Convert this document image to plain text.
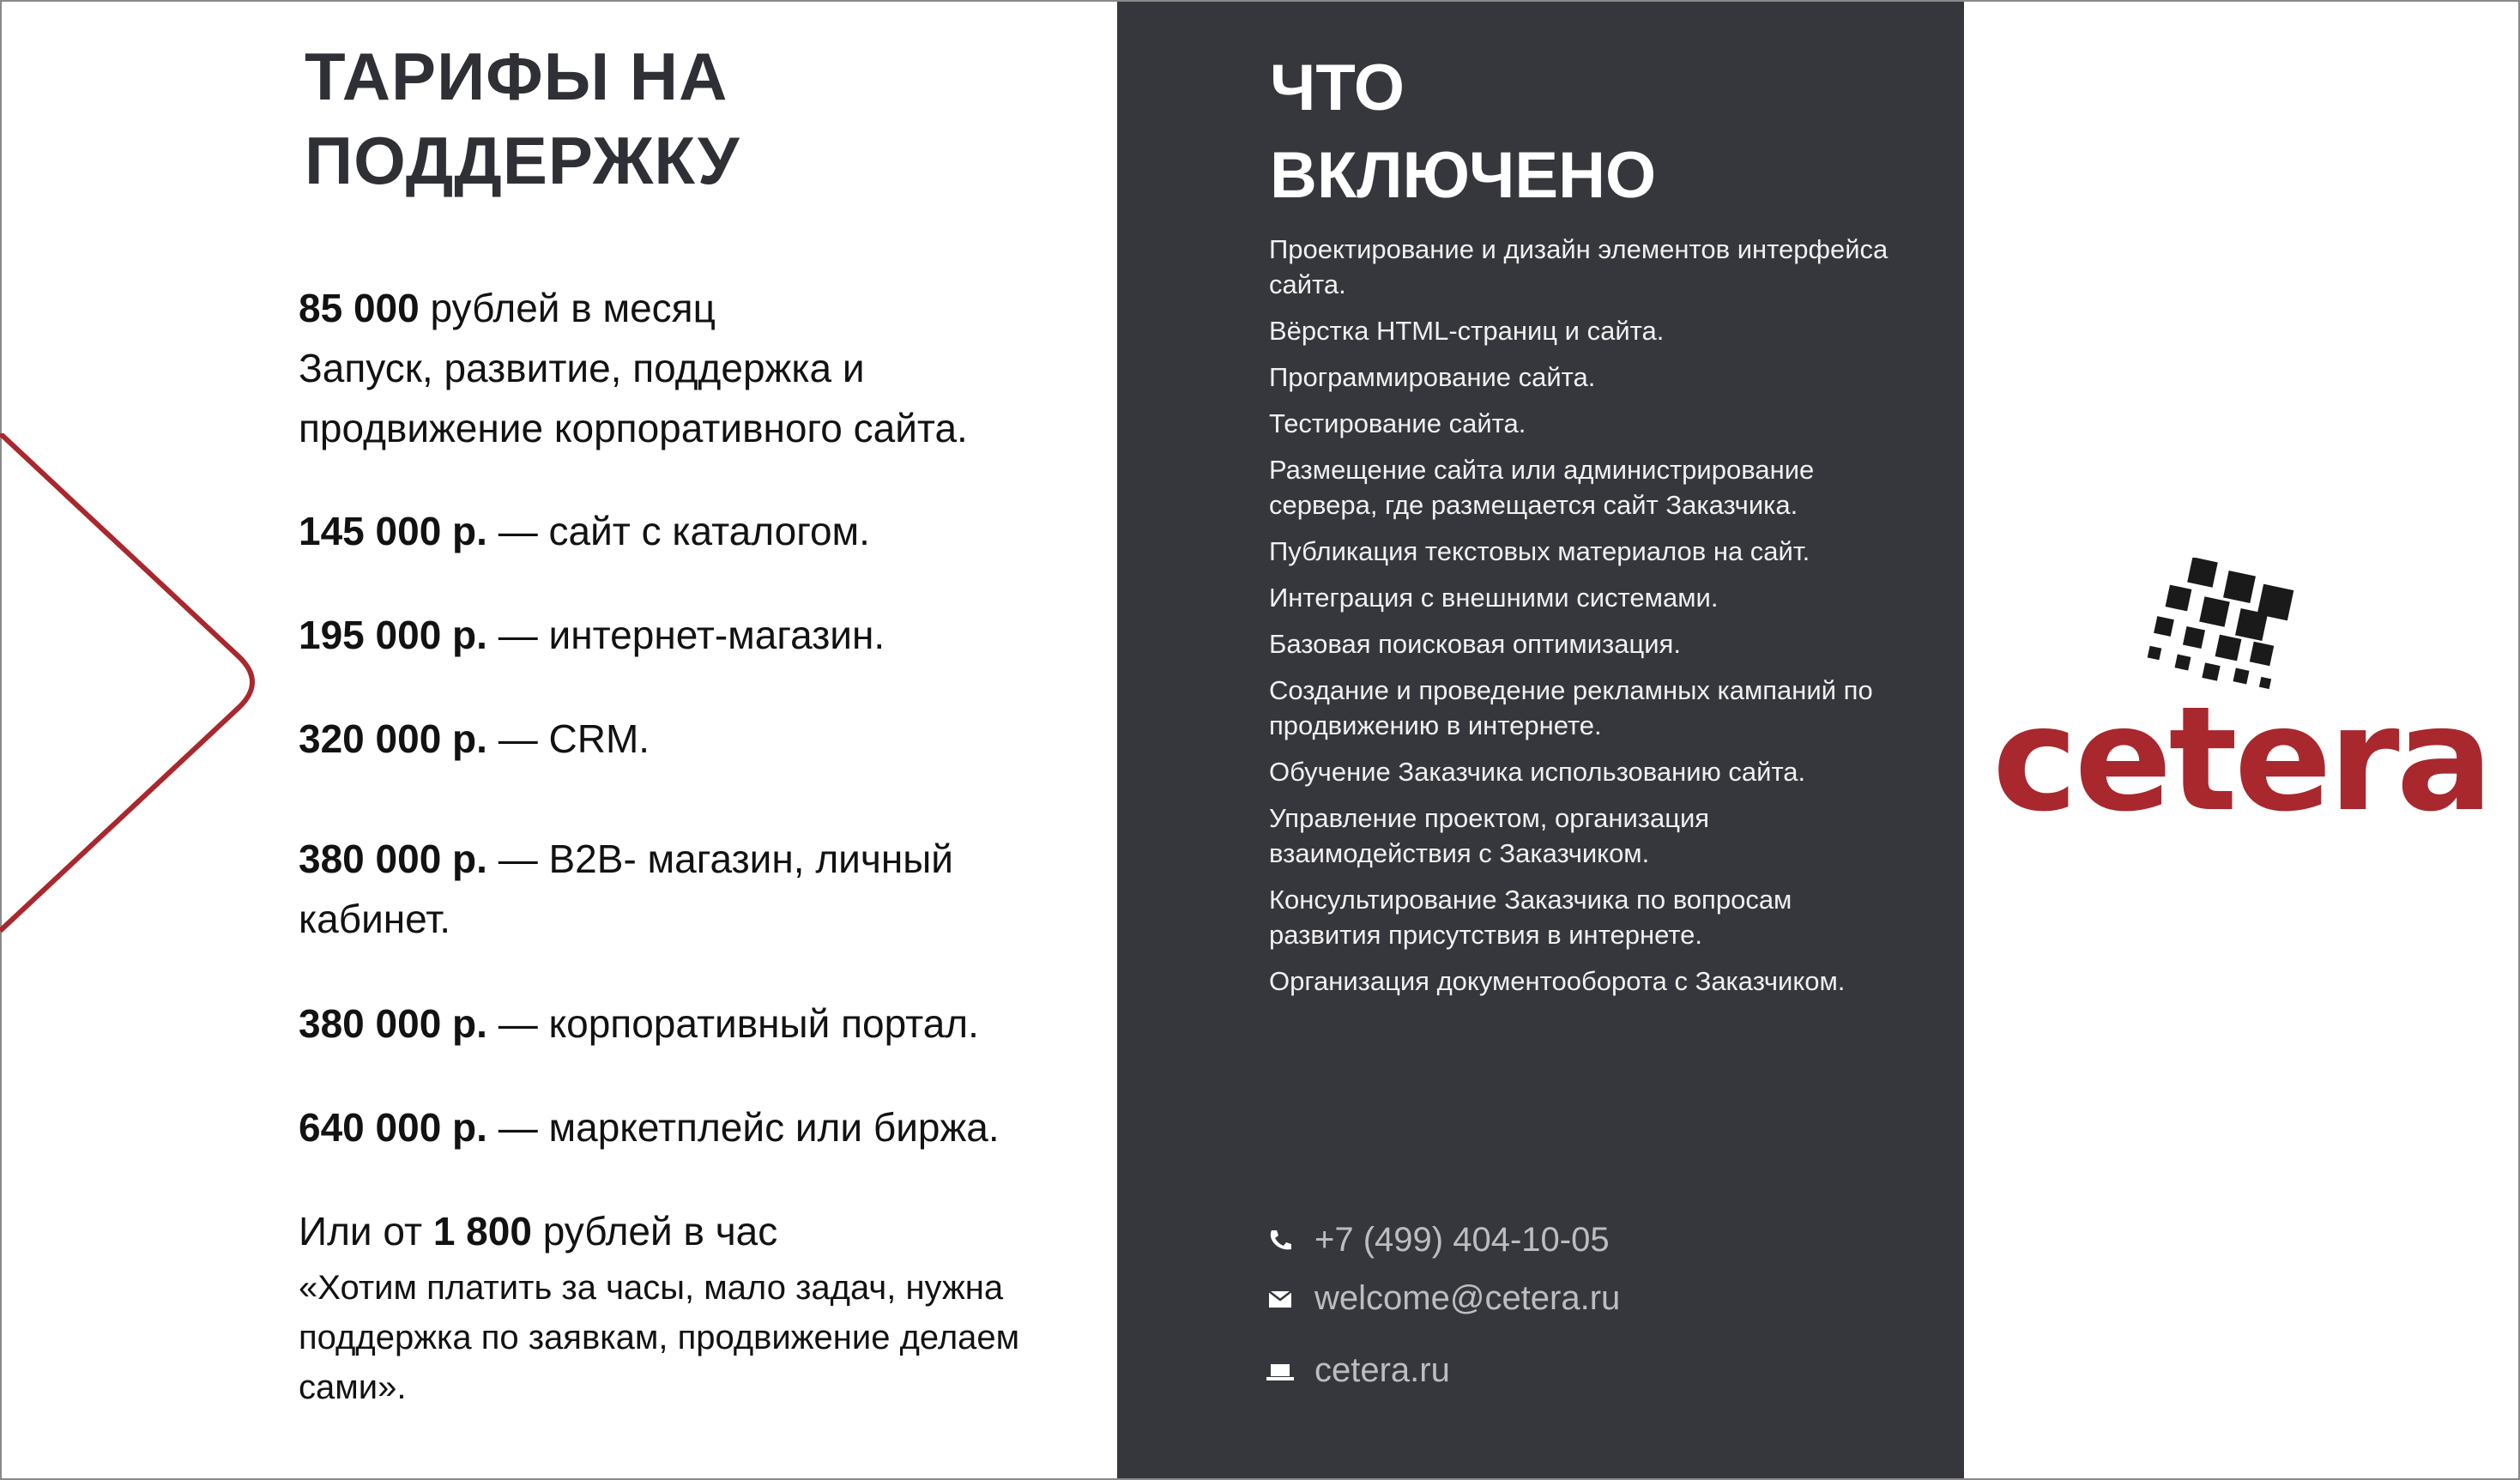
ТАРИФЫ НА
ПОДДЕРЖКУ
85 000 рублей в месяц
Запуск, развитие, поддержка и продвижение корпоративного сайта.
145 000 р. — сайт с каталогом.
195 000 р. — интернет-магазин.
320 000 р. — CRM.
380 000 р. — B2B- магазин, личный кабинет.
380 000 р. — корпоративный портал.
640 000 р. — маркетплейс или биржа.
Или от 1 800 рублей в час
«Хотим платить за часы, мало задач, нужна поддержка по заявкам, продвижение делаем сами».
ЧТО
ВКЛЮЧЕНО
Проектирование и дизайн элементов интерфейса сайта.
Вёрстка HTML-страниц и сайта.
Программирование сайта.
Тестирование сайта.
Размещение сайта или администрирование сервера, где размещается сайт Заказчика.
Публикация текстовых материалов на сайт.
Интеграция с внешними системами.
Базовая поисковая оптимизация.
Создание и проведение рекламных кампаний по продвижению в интернете.
Обучение Заказчика использованию сайта.
Управление проектом, организация взаимодействия с Заказчиком.
Консультирование Заказчика по вопросам развития присутствия в интернете.
Организация документооборота с Заказчиком.
+7 (499) 404-10-05
welcome@cetera.ru
cetera.ru
cetera
